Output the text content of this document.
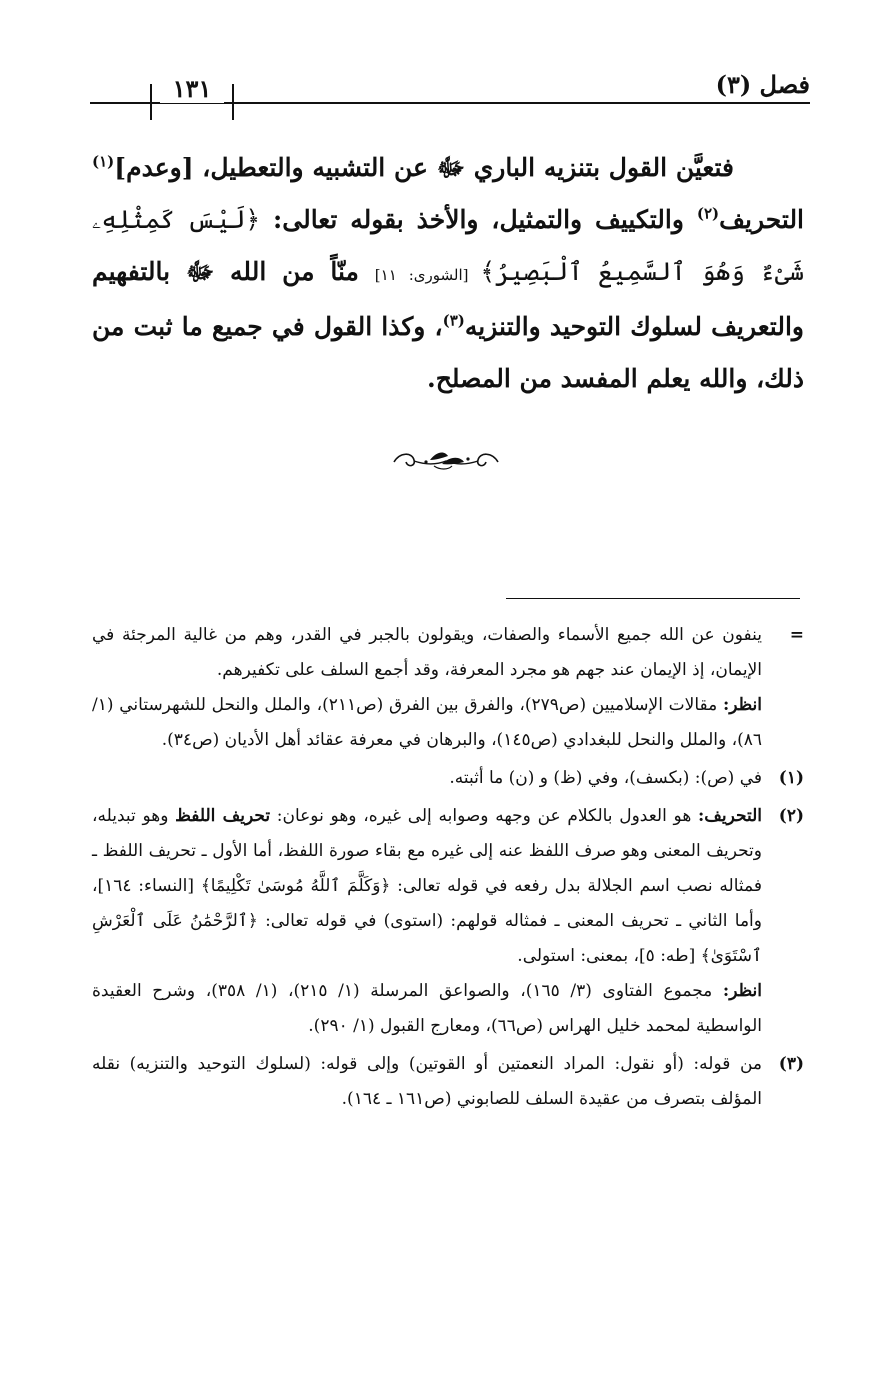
١٣١	فصل (٣)

فتعيَّن القول بتنزيه الباري ﷻ عن التشبيه والتعطيل، [وعدم]$^{(١)}$ التحريف$^{(٢)}$ والتكييف والتمثيل، والأخذ بقوله تعالى: ﴿لَيْسَ كَمِثْلِهِۦ شَىْءٌ وَهُوَ ٱلسَّمِيعُ ٱلْبَصِيرُ﴾ [الشورى: ١١] منّاً من الله ﷻ بالتفهيم والتعريف لسلوك التوحيد والتنزيه$^{(٣)}$، وكذا القول في جميع ما ثبت من ذلك، والله يعلم المفسد من المصلح.

=

ينفون عن الله جميع الأسماء والصفات، ويقولون بالجبر في القدر، وهم من غالية المرجئة في الإيمان، إذ الإيمان عند جهم هو مجرد المعرفة، وقد أجمع السلف على تكفيرهم.

انظر: مقالات الإسلاميين (ص٢٧٩)، والفرق بين الفرق (ص٢١١)، والملل والنحل للشهرستاني (١/ ٨٦)، والملل والنحل للبغدادي (ص١٤٥)، والبرهان في معرفة عقائد أهل الأديان (ص٣٤).

(١)

في (ص): (بكسف)، وفي (ظ) و (ن) ما أثبته.

(٢)

التحريف: هو العدول بالكلام عن وجهه وصوابه إلى غيره، وهو نوعان: تحريف اللفظ وهو تبديله، وتحريف المعنى وهو صرف اللفظ عنه إلى غيره مع بقاء صورة اللفظ، أما الأول ـ تحريف اللفظ ـ فمثاله نصب اسم الجلالة بدل رفعه في قوله تعالى: ﴿وَكَلَّمَ ٱللَّهُ مُوسَىٰ تَكْلِيمًا﴾ [النساء: ١٦٤]، وأما الثاني ـ تحريف المعنى ـ فمثاله قولهم: (استوى) في قوله تعالى: ﴿ٱلرَّحْمَٰنُ عَلَى ٱلْعَرْشِ ٱسْتَوَىٰ﴾ [طه: ٥]، بمعنى: استولى.

انظر: مجموع الفتاوى (٣/ ١٦٥)، والصواعق المرسلة (١/ ٢١٥)، (١/ ٣٥٨)، وشرح العقيدة الواسطية لمحمد خليل الهراس (ص٦٦)، ومعارج القبول (١/ ٢٩٠).

(٣)

من قوله: (أو نقول: المراد النعمتين أو القوتين) وإلى قوله: (لسلوك التوحيد والتنزيه) نقله المؤلف بتصرف من عقيدة السلف للصابوني (ص١٦١ ـ ١٦٤).
